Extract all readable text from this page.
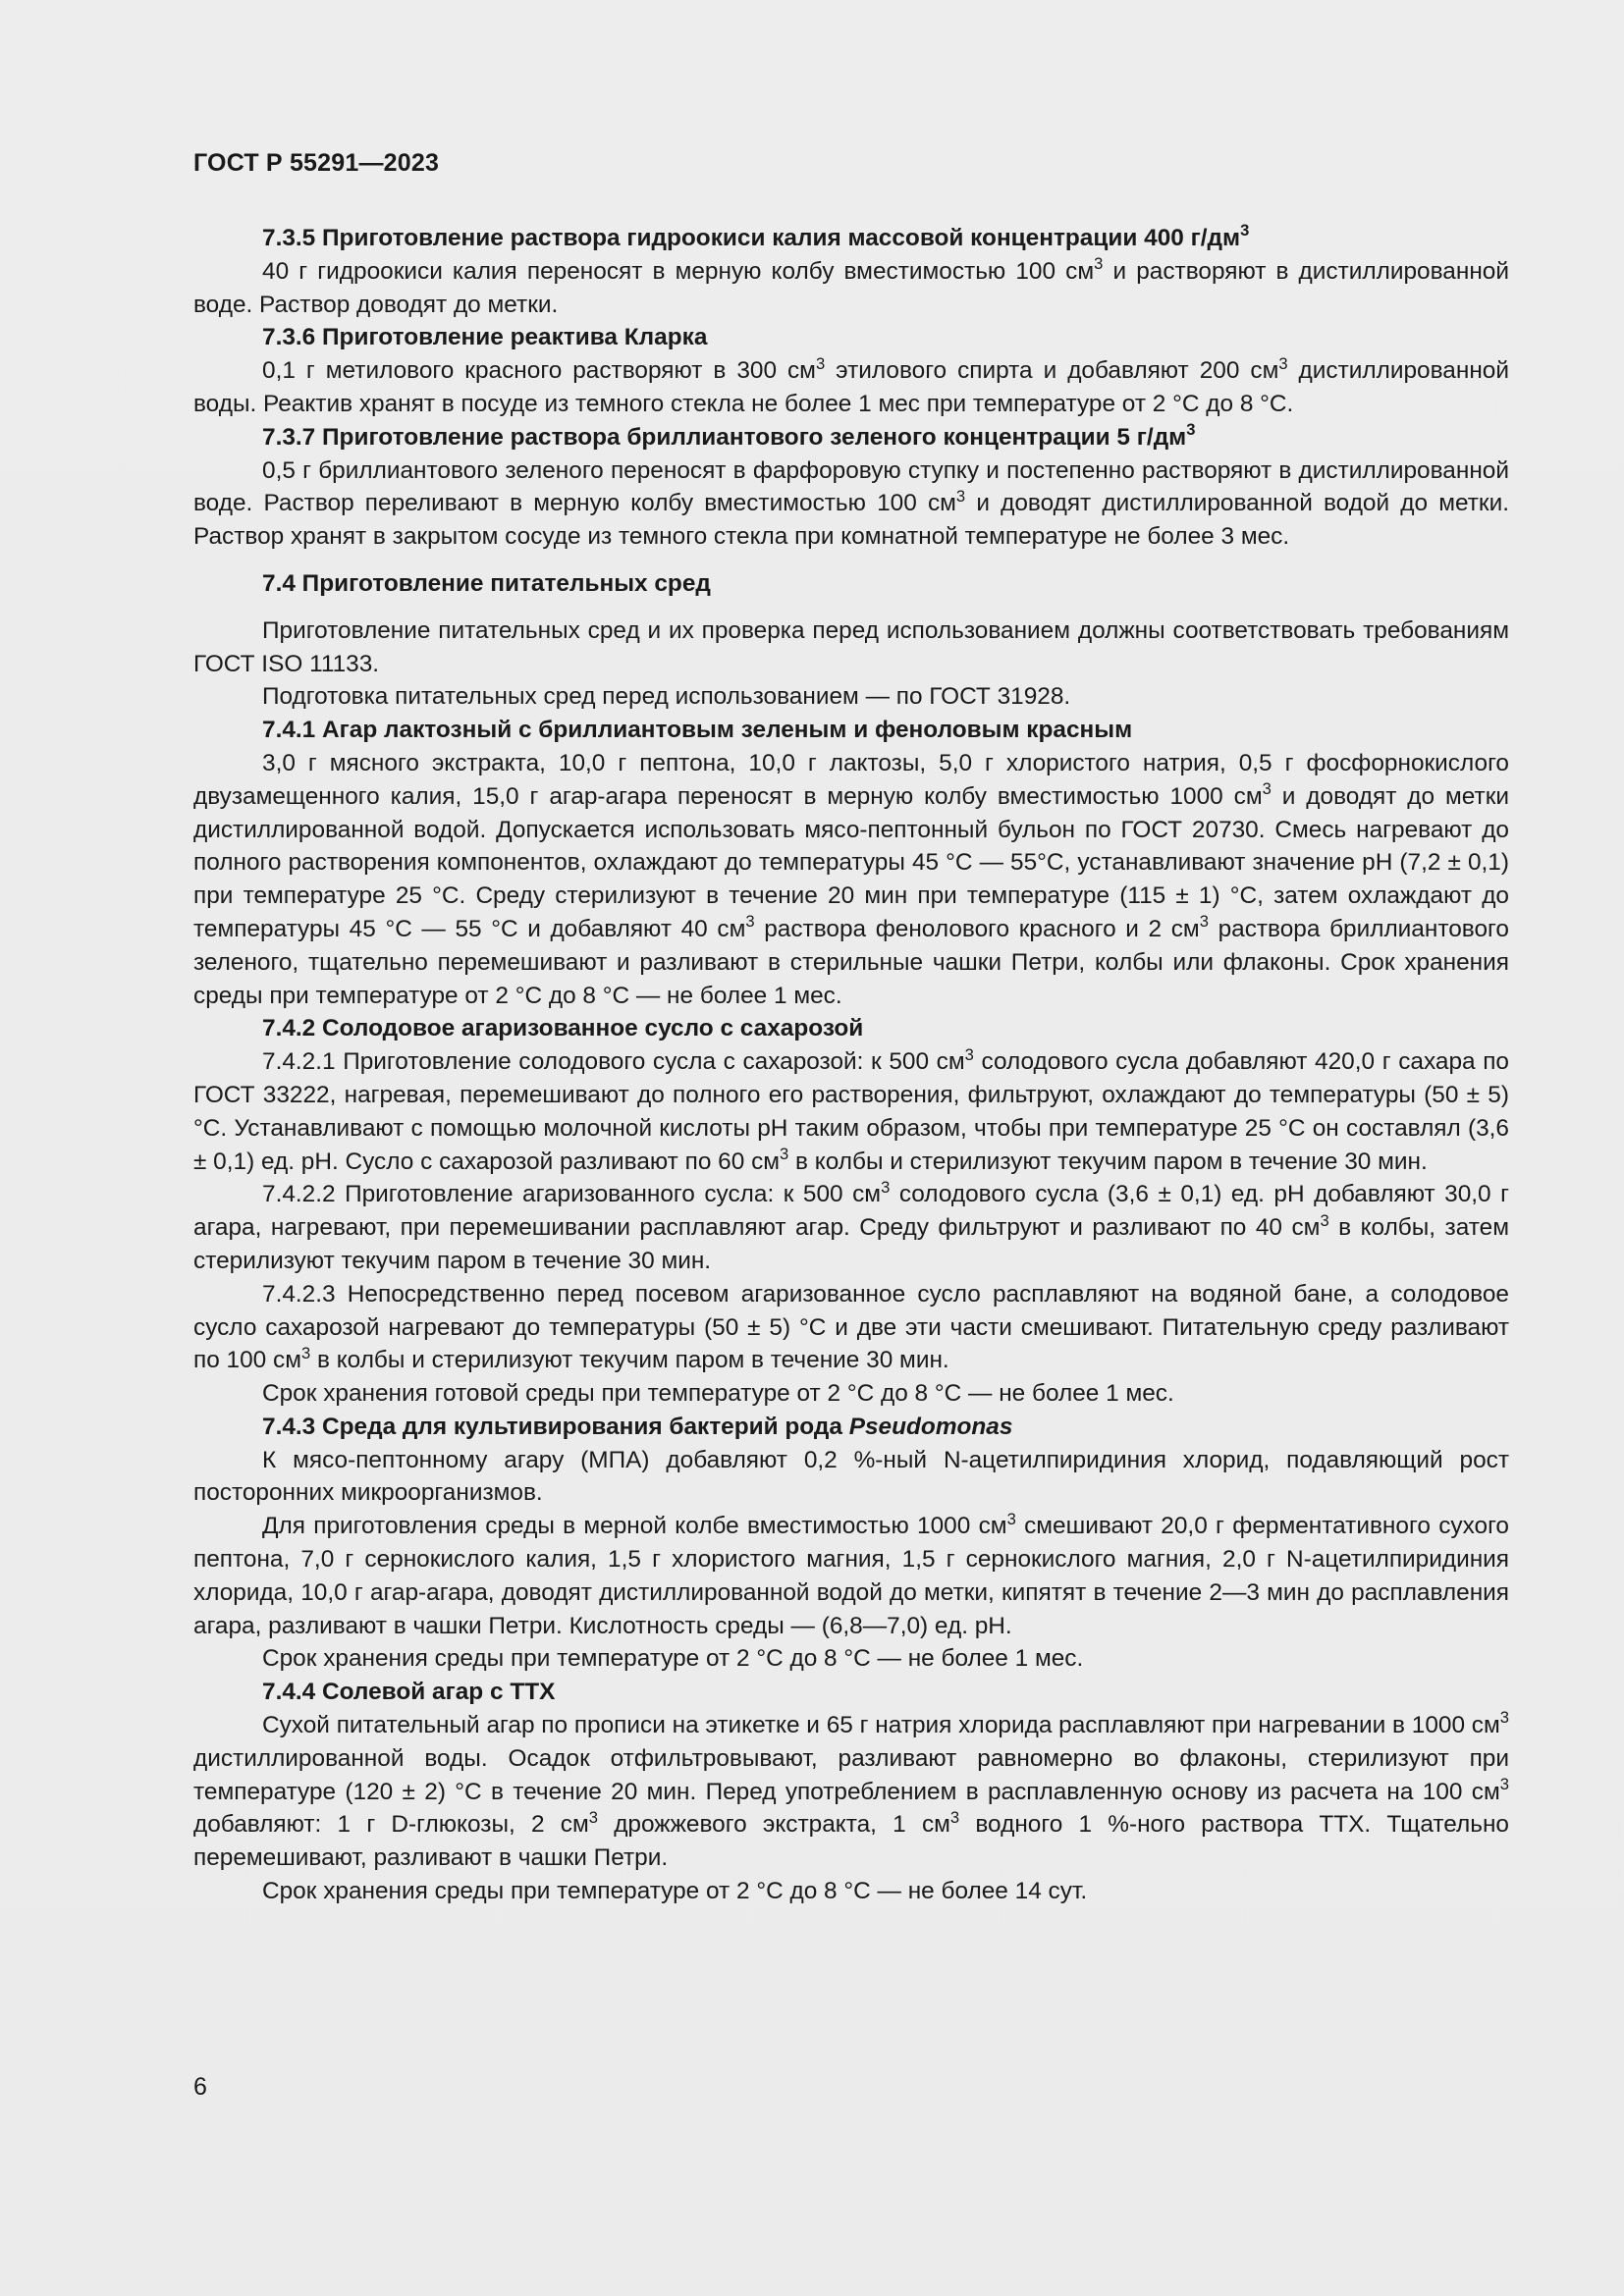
ГОСТ Р 55291—2023

7.3.5 Приготовление раствора гидроокиси калия массовой концентрации 400 $г/дм^3$

40 г гидроокиси калия переносят в мерную колбу вместимостью 100 $см^3$ и растворяют в дистиллированной воде. Раствор доводят до метки.

7.3.6 Приготовление реактива Кларка

0,1 г метилового красного растворяют в 300 $см^3$ этилового спирта и добавляют 200 $см^3$ дистиллированной воды. Реактив хранят в посуде из темного стекла не более 1 мес при температуре от 2 °С до 8 °С.

7.3.7 Приготовление раствора бриллиантового зеленого концентрации 5 $г/дм^3$

0,5 г бриллиантового зеленого переносят в фарфоровую ступку и постепенно растворяют в дистиллированной воде. Раствор переливают в мерную колбу вместимостью 100 $см^3$ и доводят дистиллированной водой до метки. Раствор хранят в закрытом сосуде из темного стекла при комнатной температуре не более 3 мес.

7.4 Приготовление питательных сред

Приготовление питательных сред и их проверка перед использованием должны соответствовать требованиям ГОСТ ISO 11133.

Подготовка питательных сред перед использованием — по ГОСТ 31928.

7.4.1 Агар лактозный с бриллиантовым зеленым и феноловым красным

3,0 г мясного экстракта, 10,0 г пептона, 10,0 г лактозы, 5,0 г хлористого натрия, 0,5 г фосфорнокислого двузамещенного калия, 15,0 г агар-агара переносят в мерную колбу вместимостью 1000 $см^3$ и доводят до метки дистиллированной водой. Допускается использовать мясо-пептонный бульон по ГОСТ 20730. Смесь нагревают до полного растворения компонентов, охлаждают до температуры 45 °С — 55°С, устанавливают значение pH (7,2 ± 0,1) при температуре 25 °С. Среду стерилизуют в течение 20 мин при температуре (115 ± 1) °С, затем охлаждают до температуры 45 °С — 55 °С и добавляют 40 $см^3$ раствора фенолового красного и 2 $см^3$ раствора бриллиантового зеленого, тщательно перемешивают и разливают в стерильные чашки Петри, колбы или флаконы. Срок хранения среды при температуре от 2 °С до 8 °С — не более 1 мес.

7.4.2 Солодовое агаризованное сусло с сахарозой

7.4.2.1 Приготовление солодового сусла с сахарозой: к 500 $см^3$ солодового сусла добавляют 420,0 г сахара по ГОСТ 33222, нагревая, перемешивают до полного его растворения, фильтруют, охлаждают до температуры (50 ± 5) °С. Устанавливают с помощью молочной кислоты pH таким образом, чтобы при температуре 25 °С он составлял (3,6 ± 0,1) ед. pH. Сусло с сахарозой разливают по 60 $см^3$ в колбы и стерилизуют текучим паром в течение 30 мин.

7.4.2.2 Приготовление агаризованного сусла: к 500 $см^3$ солодового сусла (3,6 ± 0,1) ед. pH добавляют 30,0 г агара, нагревают, при перемешивании расплавляют агар. Среду фильтруют и разливают по 40 $см^3$ в колбы, затем стерилизуют текучим паром в течение 30 мин.

7.4.2.3 Непосредственно перед посевом агаризованное сусло расплавляют на водяной бане, а солодовое сусло сахарозой нагревают до температуры (50 ± 5) °С и две эти части смешивают. Питательную среду разливают по 100 $см^3$ в колбы и стерилизуют текучим паром в течение 30 мин.

Срок хранения готовой среды при температуре от 2 °С до 8 °С — не более 1 мес.

7.4.3 Среда для культивирования бактерий рода Pseudomonas

К мясо-пептонному агару (МПА) добавляют 0,2 %-ный N-ацетилпиридиния хлорид, подавляющий рост посторонних микроорганизмов.

Для приготовления среды в мерной колбе вместимостью 1000 $см^3$ смешивают 20,0 г ферментативного сухого пептона, 7,0 г сернокислого калия, 1,5 г хлористого магния, 1,5 г сернокислого магния, 2,0 г N-ацетилпиридиния хлорида, 10,0 г агар-агара, доводят дистиллированной водой до метки, кипятят в течение 2—3 мин до расплавления агара, разливают в чашки Петри. Кислотность среды — (6,8—7,0) ед. pH.

Срок хранения среды при температуре от 2 °С до 8 °С — не более 1 мес.

7.4.4 Солевой агар с ТТХ

Сухой питательный агар по прописи на этикетке и 65 г натрия хлорида расплавляют при нагревании в 1000 $см^3$ дистиллированной воды. Осадок отфильтровывают, разливают равномерно во флаконы, стерилизуют при температуре (120 ± 2) °С в течение 20 мин. Перед употреблением в расплавленную основу из расчета на 100 $см^3$ добавляют: 1 г D-глюкозы, 2 $см^3$ дрожжевого экстракта, 1 $см^3$ водного 1 %-ного раствора ТТХ. Тщательно перемешивают, разливают в чашки Петри.

Срок хранения среды при температуре от 2 °С до 8 °С — не более 14 сут.

6
